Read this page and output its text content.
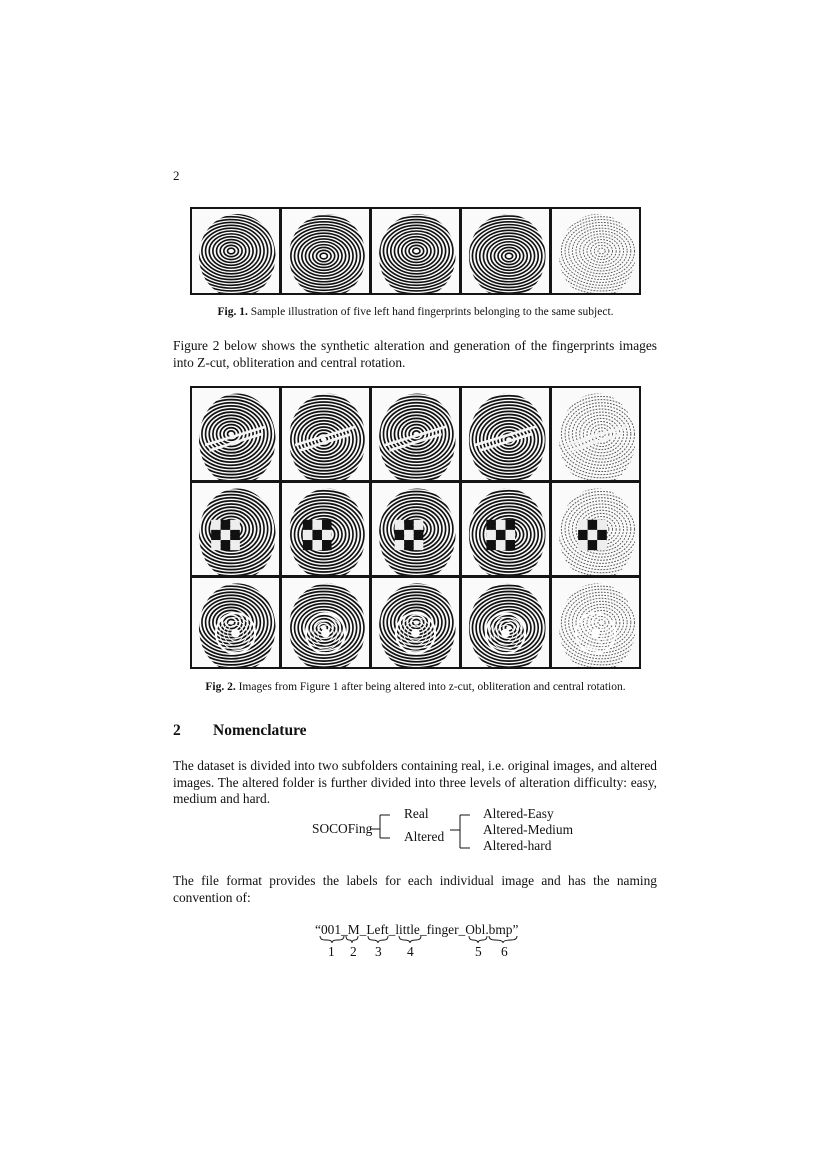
2
Fig. 1. Sample illustration of five left hand fingerprints belonging to the same subject.
Figure 2 below shows the synthetic alteration and generation of the fingerprints images into Z-cut, obliteration and central rotation.
Fig. 2. Images from Figure 1 after being altered into z-cut, obliteration and central rotation.
2 Nomenclature
The dataset is divided into two subfolders containing real, i.e. original images, and altered images. The altered folder is further divided into three levels of alteration difficulty: easy, medium and hard.
SOCOFing
Real
Altered
Altered-Easy
Altered-Medium
Altered-hard
The file format provides the labels for each individual image and has the naming convention of:
“001_M_Left_little_finger_Obl.bmp”
1 2 3 4	5 6
